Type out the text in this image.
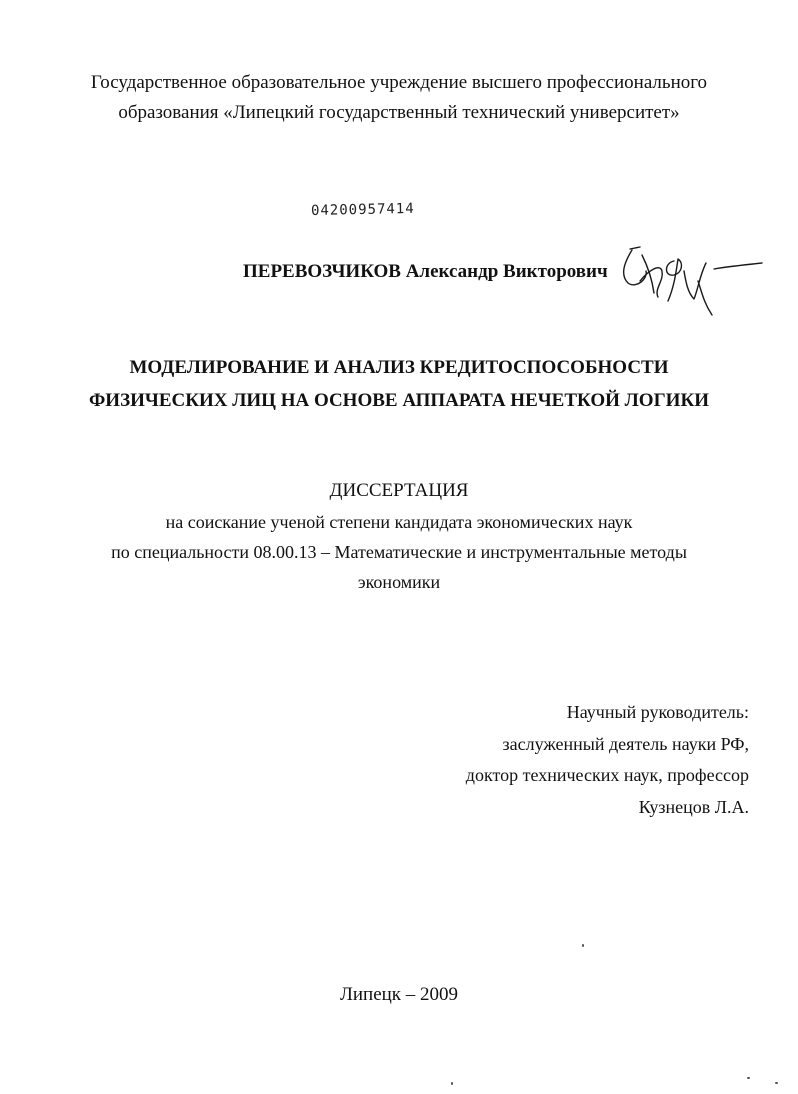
Государственное образовательное учреждение высшего профессионального
образования «Липецкий государственный технический университет»
04200957414
ПЕРЕВОЗЧИКОВ Александр Викторович
МОДЕЛИРОВАНИЕ И АНАЛИЗ КРЕДИТОСПОСОБНОСТИ
ФИЗИЧЕСКИХ ЛИЦ НА ОСНОВЕ АППАРАТА НЕЧЕТКОЙ ЛОГИКИ
ДИССЕРТАЦИЯ
на соискание ученой степени кандидата экономических наук
по специальности 08.00.13 – Математические и инструментальные методы
экономики
Научный руководитель:
заслуженный деятель науки РФ,
доктор технических наук, профессор
Кузнецов Л.А.
Липецк – 2009
